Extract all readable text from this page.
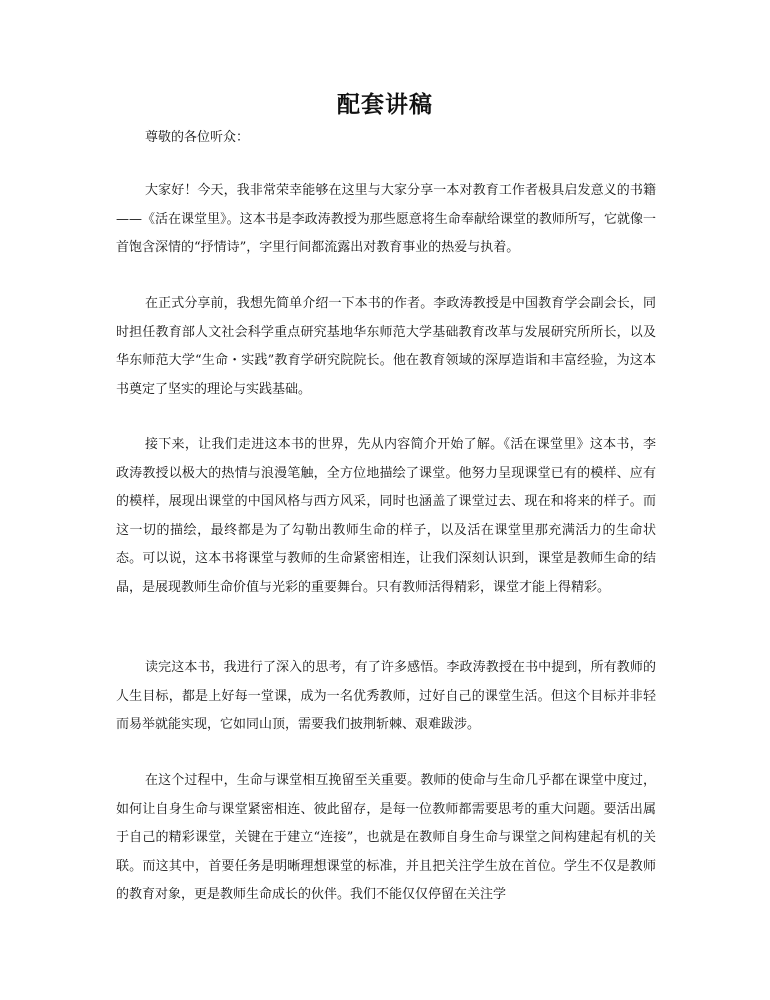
配套讲稿
尊敬的各位听众：

大家好！今天，我非常荣幸能够在这里与大家分享一本对教育工作者极具启发意义的书籍——《活在课堂里》。这本书是李政涛教授为那些愿意将生命奉献给课堂的教师所写，它就像一首饱含深情的“抒情诗”，字里行间都流露出对教育事业的热爱与执着。

在正式分享前，我想先简单介绍一下本书的作者。李政涛教授是中国教育学会副会长，同时担任教育部人文社会科学重点研究基地华东师范大学基础教育改革与发展研究所所长，以及华东师范大学“生命・实践”教育学研究院院长。他在教育领域的深厚造诣和丰富经验，为这本书奠定了坚实的理论与实践基础。

接下来，让我们走进这本书的世界，先从内容简介开始了解。《活在课堂里》这本书，李政涛教授以极大的热情与浪漫笔触，全方位地描绘了课堂。他努力呈现课堂已有的模样、应有的模样，展现出课堂的中国风格与西方风采，同时也涵盖了课堂过去、现在和将来的样子。而这一切的描绘，最终都是为了勾勒出教师生命的样子，以及活在课堂里那充满活力的生命状态。可以说，这本书将课堂与教师的生命紧密相连，让我们深刻认识到，课堂是教师生命的结晶，是展现教师生命价值与光彩的重要舞台。只有教师活得精彩，课堂才能上得精彩。

读完这本书，我进行了深入的思考，有了许多感悟。李政涛教授在书中提到，所有教师的人生目标，都是上好每一堂课，成为一名优秀教师，过好自己的课堂生活。但这个目标并非轻而易举就能实现，它如同山顶，需要我们披荆斩棘、艰难跋涉。

在这个过程中，生命与课堂相互挽留至关重要。教师的使命与生命几乎都在课堂中度过，如何让自身生命与课堂紧密相连、彼此留存，是每一位教师都需要思考的重大问题。要活出属于自己的精彩课堂，关键在于建立“连接”，也就是在教师自身生命与课堂之间构建起有机的关联。而这其中，首要任务是明晰理想课堂的标准，并且把关注学生放在首位。学生不仅是教师的教育对象，更是教师生命成长的伙伴。我们不能仅仅停留在关注学
